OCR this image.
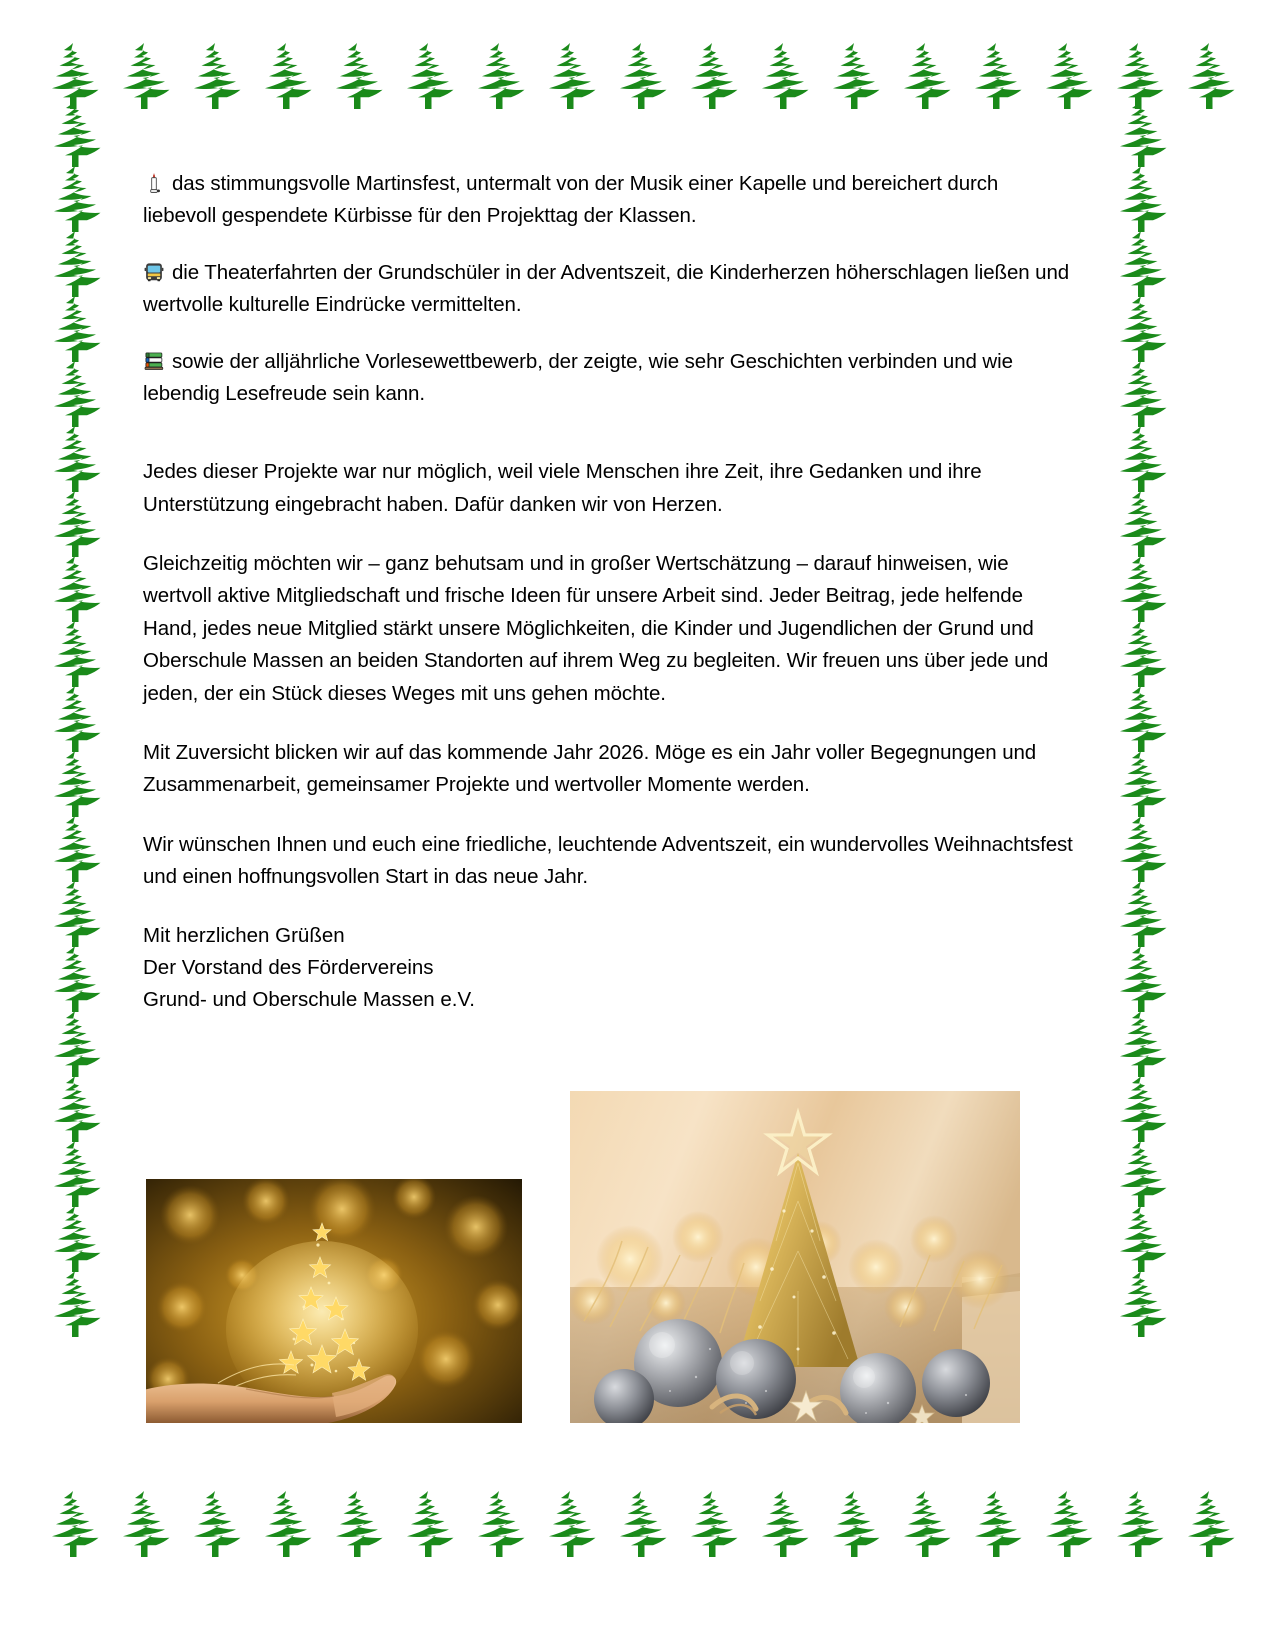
das stimmungsvolle Martinsfest, untermalt von der Musik einer Kapelle und bereichert durch liebevoll gespendete Kürbisse für den Projekttag der Klassen.

die Theaterfahrten der Grundschüler in der Adventszeit, die Kinderherzen höherschlagen ließen und wertvolle kulturelle Eindrücke vermittelten.

sowie der alljährliche Vorlesewettbewerb, der zeigte, wie sehr Geschichten verbinden und wie lebendig Lesefreude sein kann.

Jedes dieser Projekte war nur möglich, weil viele Menschen ihre Zeit, ihre Gedanken und ihre Unterstützung eingebracht haben. Dafür danken wir von Herzen.

Gleichzeitig möchten wir – ganz behutsam und in großer Wertschätzung – darauf hinweisen, wie wertvoll aktive Mitgliedschaft und frische Ideen für unsere Arbeit sind. Jeder Beitrag, jede helfende Hand, jedes neue Mitglied stärkt unsere Möglichkeiten, die Kinder und Jugendlichen der Grund und Oberschule Massen an beiden Standorten auf ihrem Weg zu begleiten. Wir freuen uns über jede und jeden, der ein Stück dieses Weges mit uns gehen möchte.

Mit Zuversicht blicken wir auf das kommende Jahr 2026. Möge es ein Jahr voller Begegnungen und Zusammenarbeit, gemeinsamer Projekte und wertvoller Momente werden.

Wir wünschen Ihnen und euch eine friedliche, leuchtende Adventszeit, ein wundervolles Weihnachtsfest und einen hoffnungsvollen Start in das neue Jahr.

Mit herzlichen Grüßen
Der Vorstand des Fördervereins
Grund- und Oberschule Massen e.V.
